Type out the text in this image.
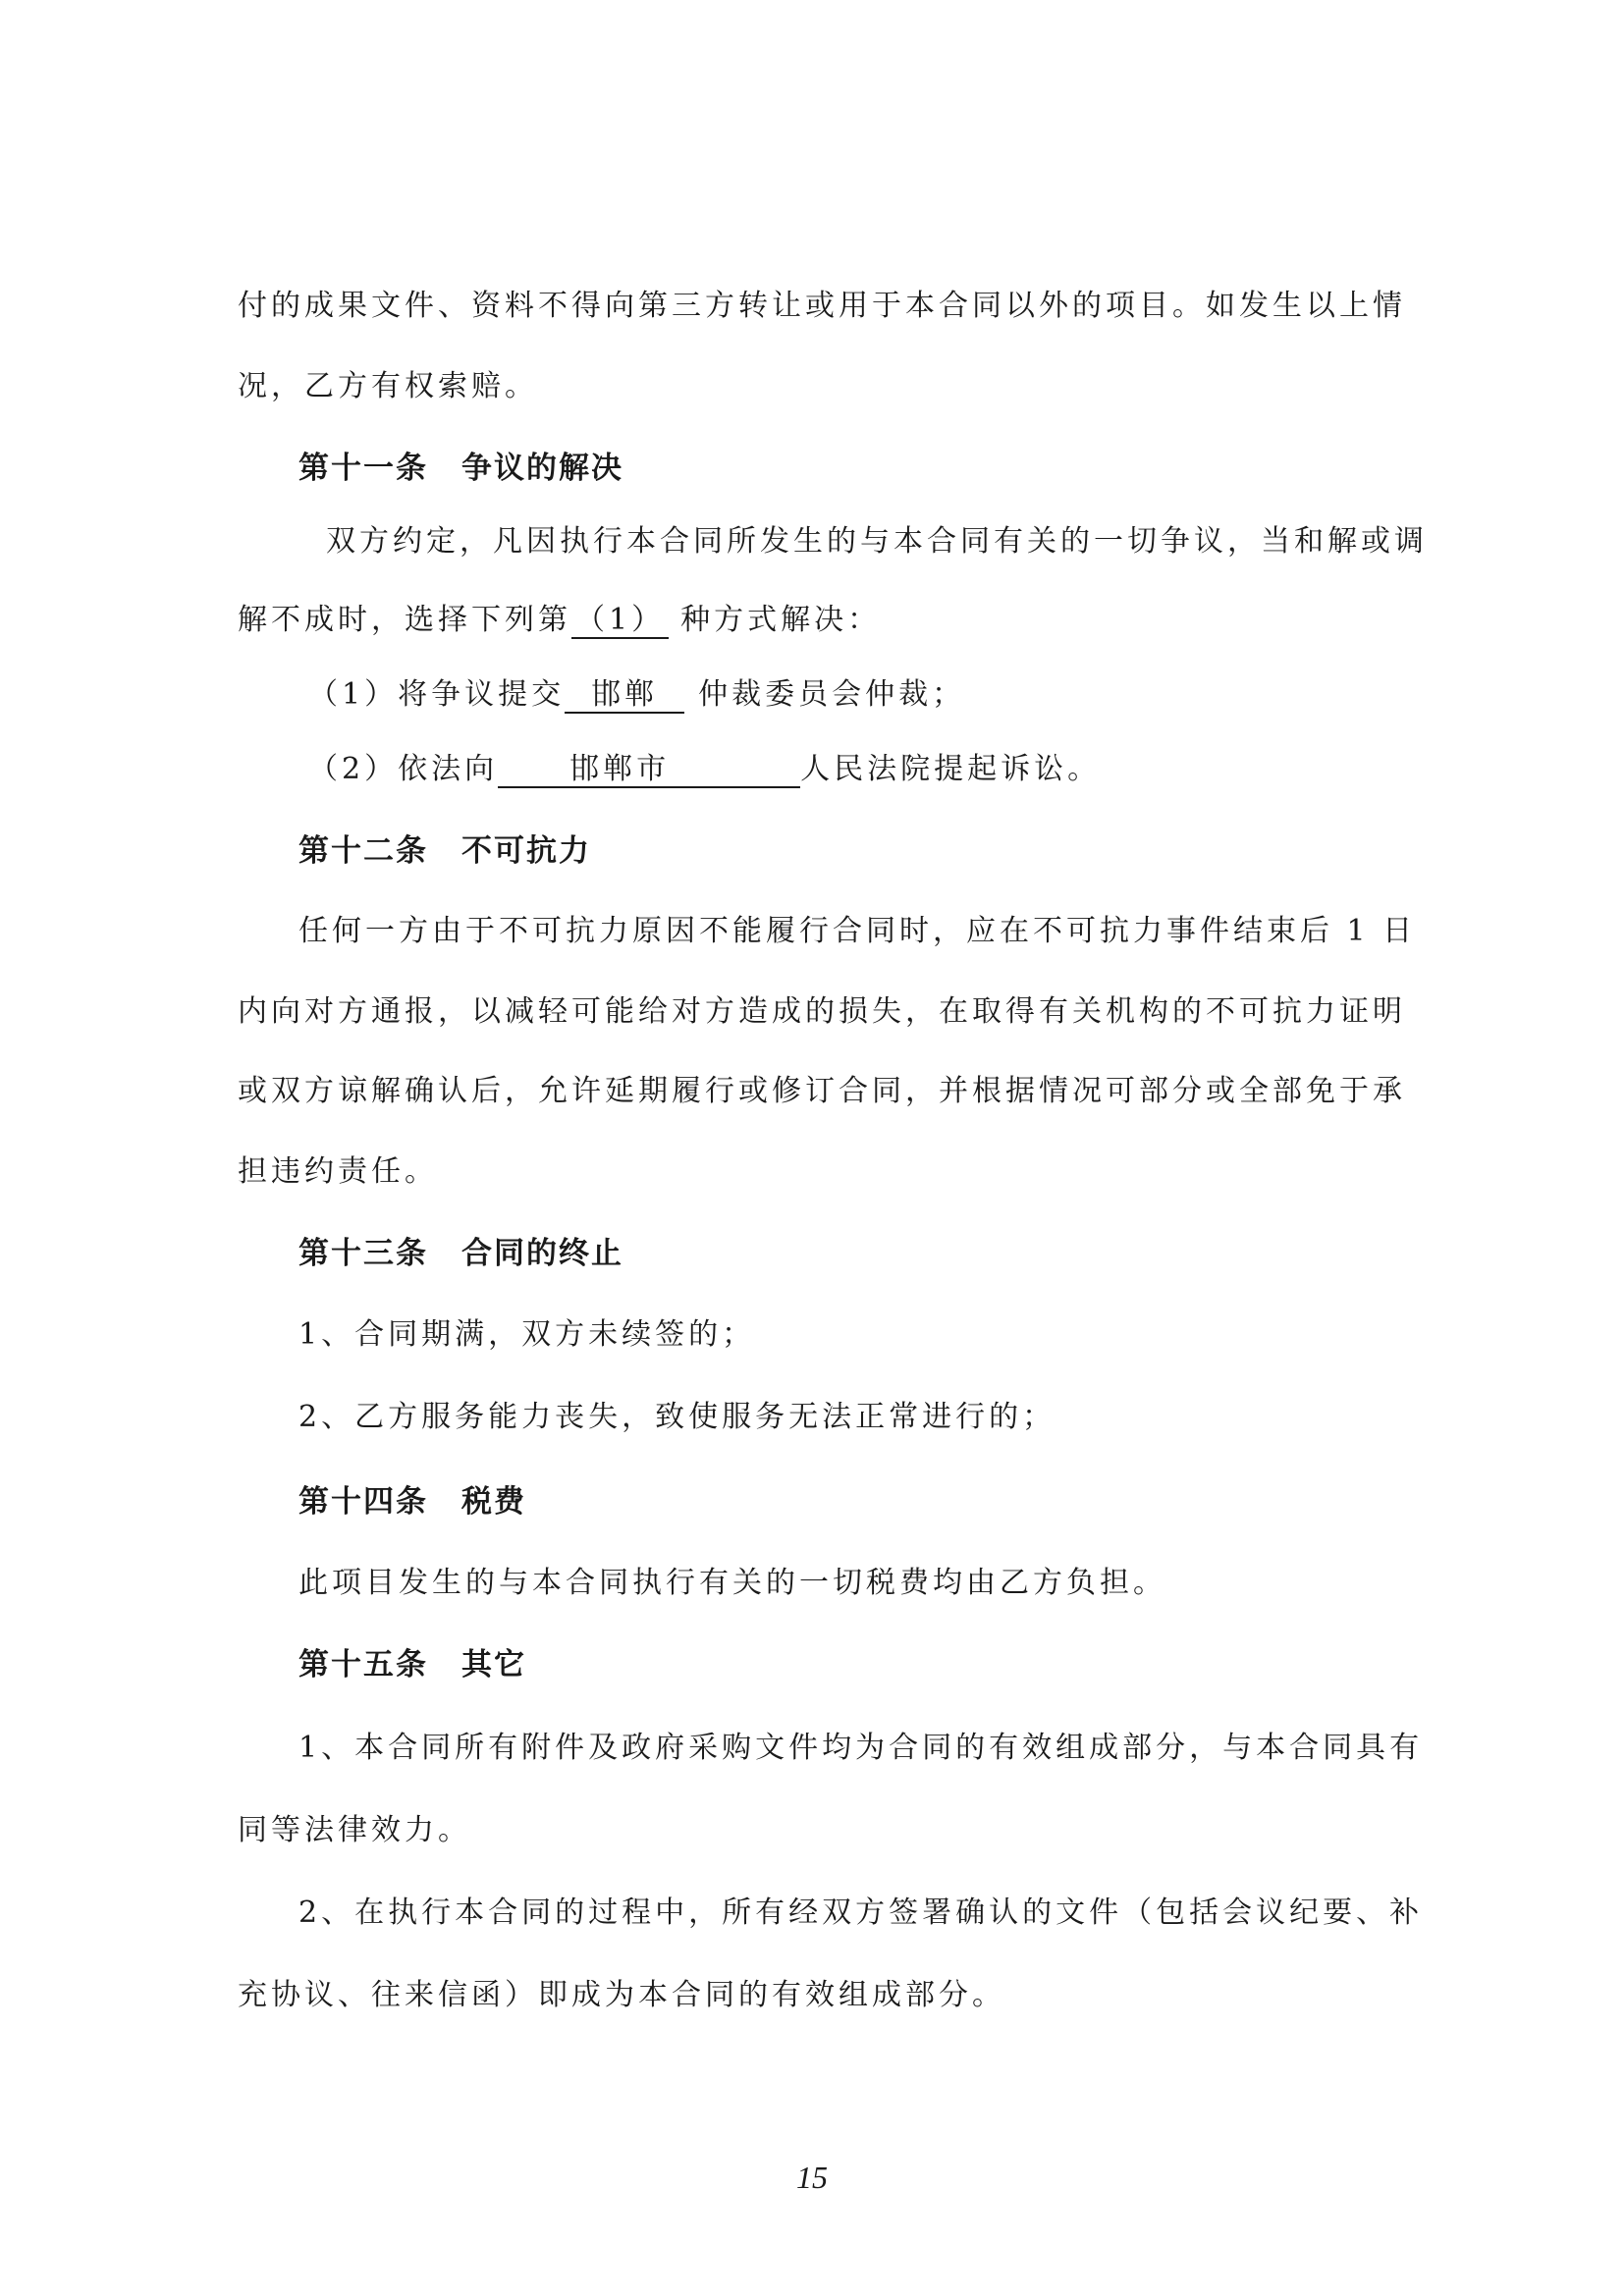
付的成果文件、资料不得向第三方转让或用于本合同以外的项目。如发生以上情
况，乙方有权索赔。
第十一条 争议的解决
双方约定，凡因执行本合同所发生的与本合同有关的一切争议，当和解或调
解不成时，选择下列第 （1） 种方式解决：
（1）将争议提交 邯郸 仲裁委员会仲裁；
（2）依法向 邯郸市	人民法院提起诉讼。
第十二条 不可抗力
任何一方由于不可抗力原因不能履行合同时，应在不可抗力事件结束后 1 日
内向对方通报，以减轻可能给对方造成的损失，在取得有关机构的不可抗力证明
或双方谅解确认后，允许延期履行或修订合同，并根据情况可部分或全部免于承
担违约责任。
第十三条 合同的终止
1、合同期满，双方未续签的；
2、乙方服务能力丧失，致使服务无法正常进行的；
第十四条 税费
此项目发生的与本合同执行有关的一切税费均由乙方负担。
第十五条 其它
1、本合同所有附件及政府采购文件均为合同的有效组成部分，与本合同具有
同等法律效力。
2、在执行本合同的过程中，所有经双方签署确认的文件（包括会议纪要、补
充协议、往来信函）即成为本合同的有效组成部分。
15
